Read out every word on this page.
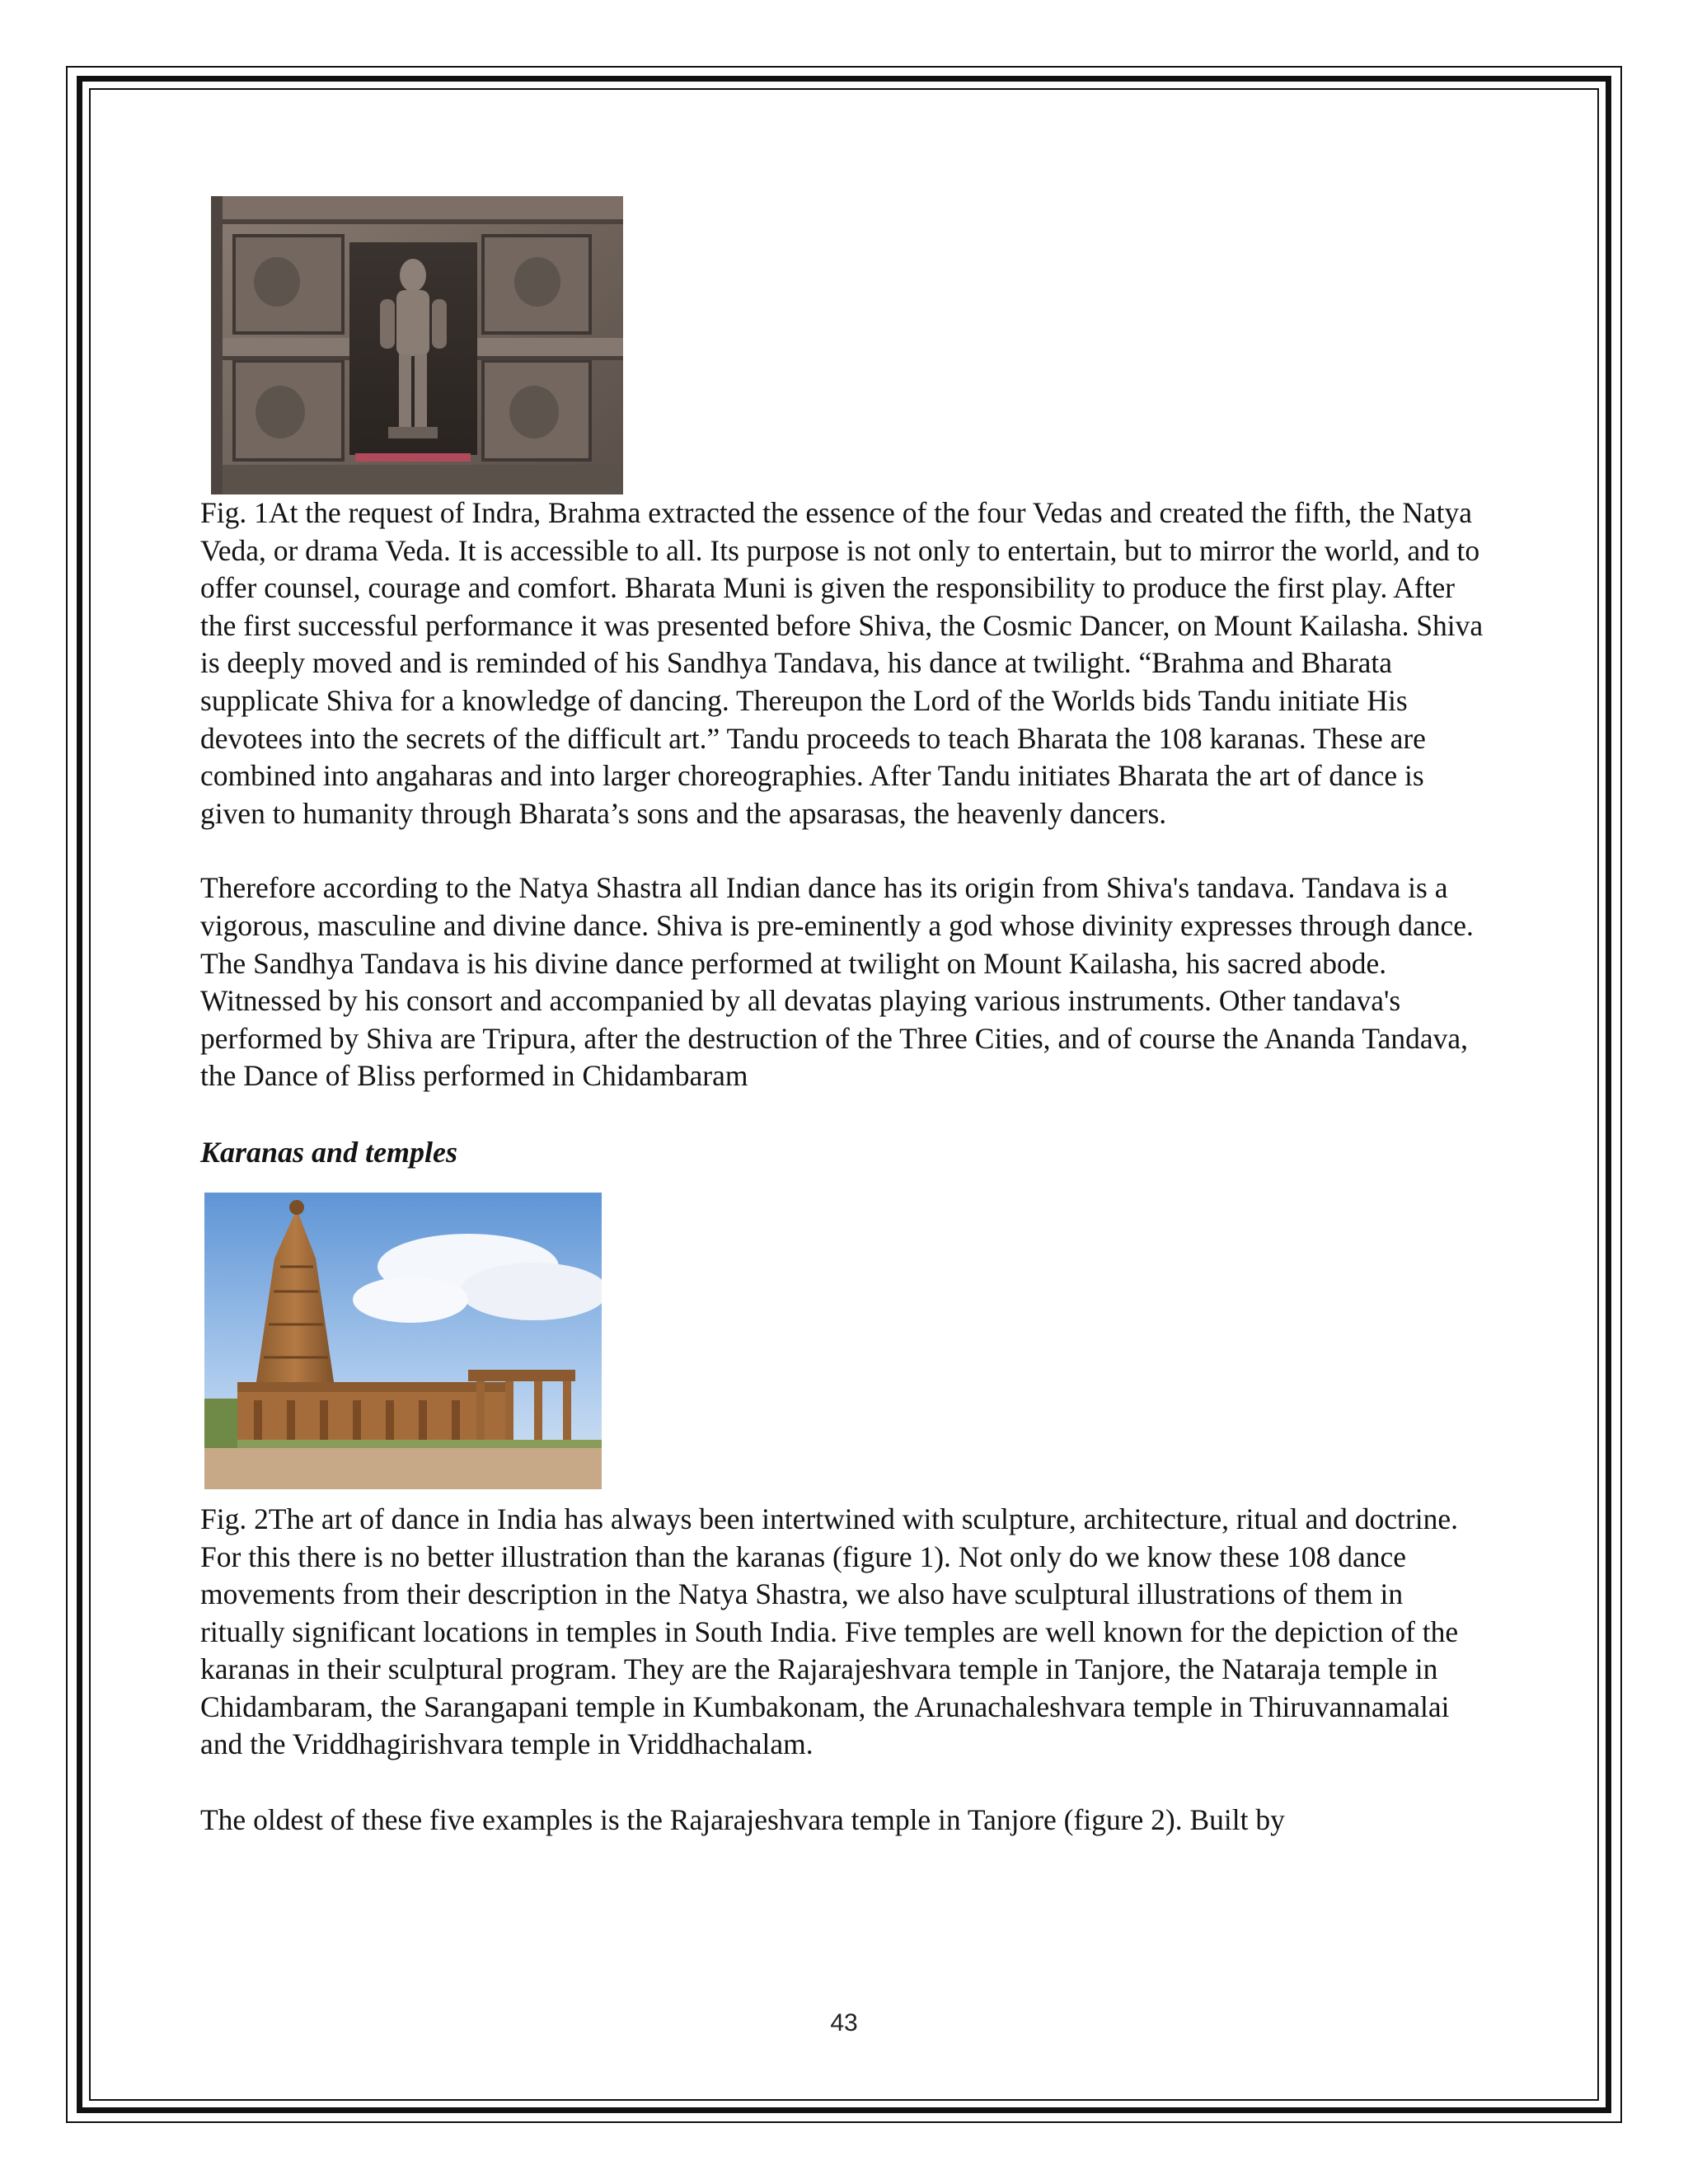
Fig. 1At the request of Indra, Brahma extracted the essence of the four Vedas and created the fifth, the Natya Veda, or drama Veda. It is accessible to all. Its purpose is not only to entertain, but to mirror the world, and to offer counsel, courage and comfort. Bharata Muni is given the responsibility to produce the first play. After the first successful performance it was presented before Shiva, the Cosmic Dancer, on Mount Kailasha. Shiva is deeply moved and is reminded of his Sandhya Tandava, his dance at twilight. “Brahma and Bharata supplicate Shiva for a knowledge of dancing. Thereupon the Lord of the Worlds bids Tandu initiate His devotees into the secrets of the difficult art.” Tandu proceeds to teach Bharata the 108 karanas. These are combined into angaharas and into larger choreographies. After Tandu initiates Bharata the art of dance is given to humanity through Bharata’s sons and the apsarasas, the heavenly dancers.

Therefore according to the Natya Shastra all Indian dance has its origin from Shiva's tandava. Tandava is a vigorous, masculine and divine dance. Shiva is pre-eminently a god whose divinity expresses through dance. The Sandhya Tandava is his divine dance performed at twilight on Mount Kailasha, his sacred abode. Witnessed by his consort and accompanied by all devatas playing various instruments. Other tandava's performed by Shiva are Tripura, after the destruction of the Three Cities, and of course the Ananda Tandava, the Dance of Bliss performed in Chidambaram

Karanas and temples

Fig. 2The art of dance in India has always been intertwined with sculpture, architecture, ritual and doctrine. For this there is no better illustration than the karanas (figure 1). Not only do we know these 108 dance movements from their description in the Natya Shastra, we also have sculptural illustrations of them in ritually significant locations in temples in South India. Five temples are well known for the depiction of the karanas in their sculptural program. They are the Rajarajeshvara temple in Tanjore, the Nataraja temple in Chidambaram, the Sarangapani temple in Kumbakonam, the Arunachaleshvara temple in Thiruvannamalai and the Vriddhagirishvara temple in Vriddhachalam.

The oldest of these five examples is the Rajarajeshvara temple in Tanjore (figure 2). Built by

43
